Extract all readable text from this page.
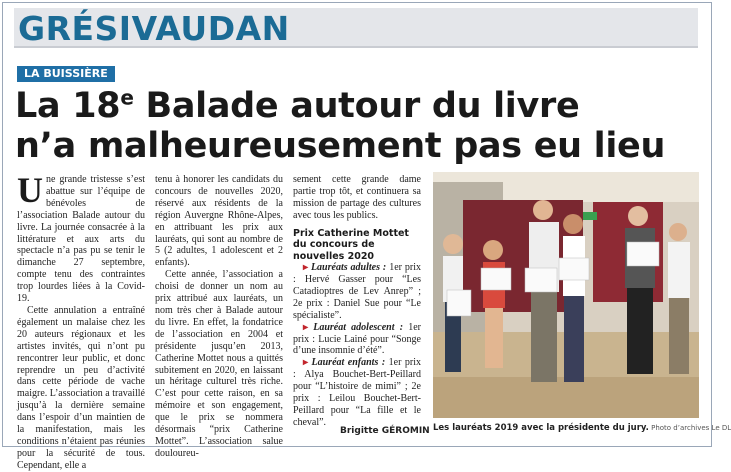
GRÉSIVAUDAN
LA BUISSIÈRE
La 18e Balade autour du livre
n’a malheureusement pas eu lieu

Une grande tristesse s’est abattue sur l’équipe de bénévoles de l’association Balade autour du livre. La journée consacrée à la littérature et aux arts du spectacle n’a pas pu se tenir le dimanche 27 septembre, compte tenu des contraintes trop lourdes liées à la Covid-19.

Cette annulation a entraîné également un malaise chez les 20 auteurs régionaux et les artistes invités, qui n’ont pu rencontrer leur public, et donc reprendre un peu d’activité dans cette période de vache maigre. L’association a travaillé jusqu’à la dernière semaine dans l’espoir d’un maintien de la manifestation, mais les conditions n’étaient pas réunies pour la sécurité de tous. Cependant, elle a

tenu à honorer les candidats du concours de nouvelles 2020, réservé aux résidents de la région Auvergne Rhône-Alpes, en attribuant les prix aux lauréats, qui sont au nombre de 5 (2 adultes, 1 adolescent et 2 enfants).

Cette année, l’association a choisi de donner un nom au prix attribué aux lauréats, un nom très cher à Balade autour du livre. En effet, la fondatrice de l’association en 2004 et présidente jusqu’en 2013, Catherine Mottet nous a quittés subitement en 2020, en laissant un héritage culturel très riche. C’est pour cette raison, en sa mémoire et son engagement, que le prix se nommera désormais “prix Catherine Mottet”. L’association salue douloureu-

sement cette grande dame partie trop tôt, et continuera sa mission de partage des cultures avec tous les publics.

Prix Catherine Mottet du concours de nouvelles 2020

▸ Lauréats adultes : 1er prix : Hervé Gasser pour “Les Catadioptres de Lev Anrep” ; 2e prix : Daniel Sue pour “Le spécialiste”.

▸ Lauréat adolescent : 1er prix : Lucie Lainé pour “Songe d’une insomnie d’été”.

▸ Lauréat enfants : 1er prix : Alya Bouchet-Bert-Peillard pour “L’histoire de mimi” ; 2e prix : Leilou Bouchet-Bert-Peillard pour “La fille et le cheval”.

Brigitte GÉROMIN Les lauréats 2019 avec la présidente du jury. Photo d’archives Le DL
